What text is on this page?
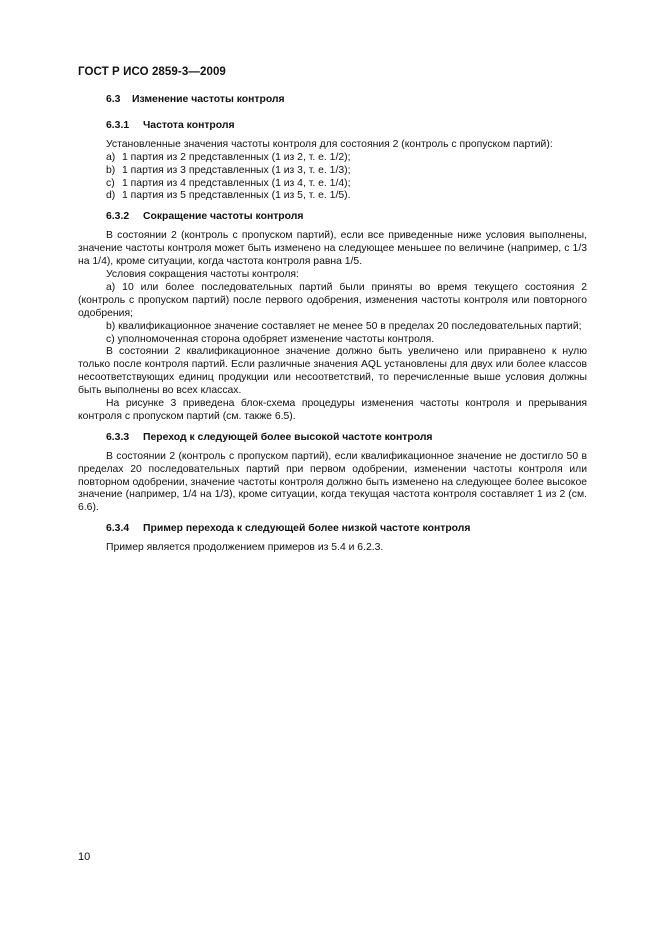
ГОСТ Р ИСО 2859-3—2009
6.3 Изменение частоты контроля
6.3.1 Частота контроля

Установленные значения частоты контроля для состояния 2 (контроль с пропуском партий):

a) 1 партия из 2 представленных (1 из 2, т. е. 1/2);

b) 1 партия из 3 представленных (1 из 3, т. е. 1/3);

c) 1 партия из 4 представленных (1 из 4, т. е. 1/4);

d) 1 партия из 5 представленных (1 из 5, т. е. 1/5).

6.3.2 Сокращение частоты контроля

В состоянии 2 (контроль с пропуском партий), если все приведенные ниже условия выполнены, значение частоты контроля может быть изменено на следующее меньшее по величине (например, с 1/3 на 1/4), кроме ситуации, когда частота контроля равна 1/5.

Условия сокращения частоты контроля:

a) 10 или более последовательных партий были приняты во время текущего состояния 2 (контроль с пропуском партий) после первого одобрения, изменения частоты контроля или повторного одобрения;

b) квалификационное значение составляет не менее 50 в пределах 20 последовательных партий;

c) уполномоченная сторона одобряет изменение частоты контроля.

В состоянии 2 квалификационное значение должно быть увеличено или приравнено к нулю только после контроля партий. Если различные значения AQL установлены для двух или более классов несоответствующих единиц продукции или несоответствий, то перечисленные выше условия должны быть выполнены во всех классах.

На рисунке 3 приведена блок-схема процедуры изменения частоты контроля и прерывания контроля с пропуском партий (см. также 6.5).

6.3.3 Переход к следующей более высокой частоте контроля

В состоянии 2 (контроль с пропуском партий), если квалификационное значение не достигло 50 в пределах 20 последовательных партий при первом одобрении, изменении частоты контроля или повторном одобрении, значение частоты контроля должно быть изменено на следующее более высокое значение (например, 1/4 на 1/3), кроме ситуации, когда текущая частота контроля составляет 1 из 2 (см. 6.6).

6.3.4 Пример перехода к следующей более низкой частоте контроля

Пример является продолжением примеров из 5.4 и 6.2.3.

10
